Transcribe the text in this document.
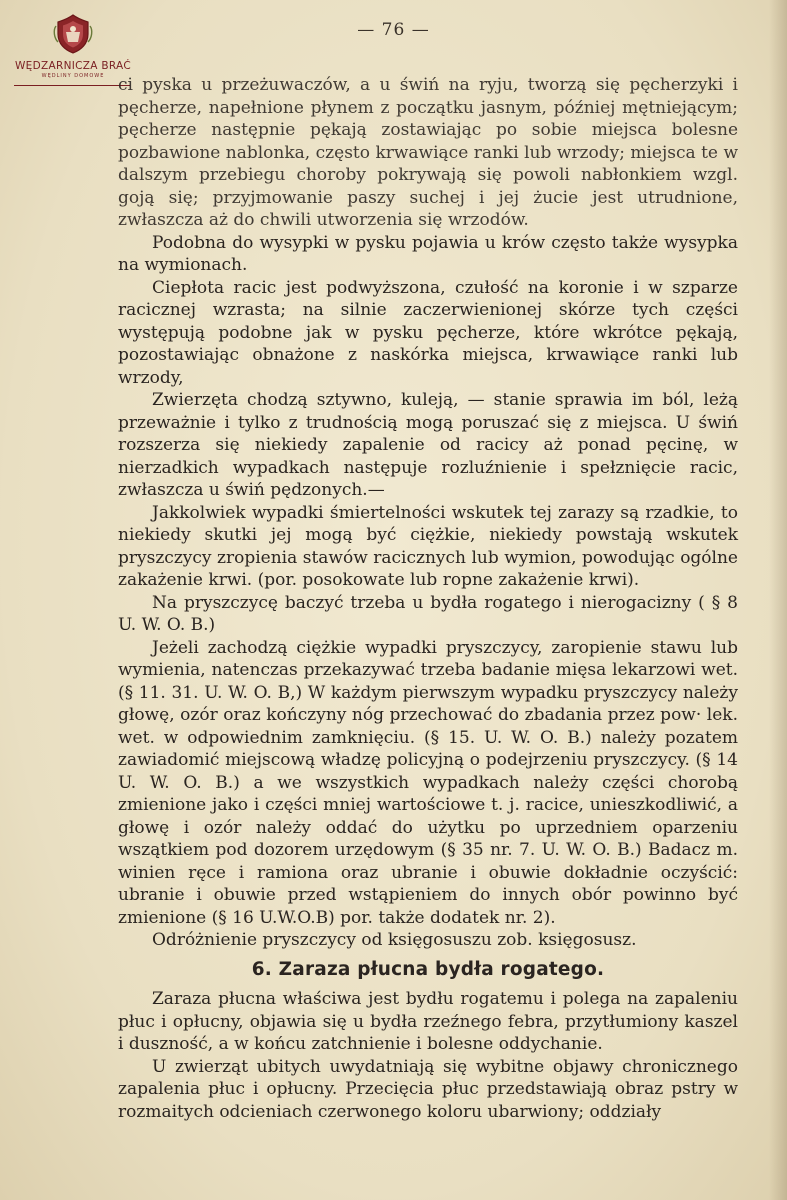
WĘDZARNICZA BRAĆ
WĘDLINY DOMOWE
— 76 —

ci pyska u przeżuwaczów, a u świń na ryju, tworzą się pęcherzyki i pęcherze, napełnione płynem z początku jasnym, później mętniejącym; pęcherze następnie pękają zostawiając po sobie miejsca bolesne pozbawione nablonka, często krwawiące ranki lub wrzody; miejsca te w dalszym przebiegu choroby pokrywają się powoli nabłonkiem wzgl. goją się; przyjmowanie paszy suchej i jej żucie jest utrudnione, zwłaszcza aż do chwili utworzenia się wrzodów.

Podobna do wysypki w pysku pojawia u krów często także wysypka na wymionach.

Ciepłota racic jest podwyższona, czułość na koronie i w szparze racicznej wzrasta; na silnie zaczerwienionej skórze tych części występują podobne jak w pysku pęcherze, które wkrótce pękają, pozostawiając obnażone z naskórka miejsca, krwawiące ranki lub wrzody,

Zwierzęta chodzą sztywno, kuleją, — stanie sprawia im ból, leżą przeważnie i tylko z trudnością mogą poruszać się z miejsca. U świń rozszerza się niekiedy zapalenie od racicy aż ponad pęcinę, w nierzadkich wypadkach następuje rozluźnienie i spełznięcie racic, zwłaszcza u świń pędzonych.—

Jakkolwiek wypadki śmiertelności wskutek tej zarazy są rzadkie, to niekiedy skutki jej mogą być ciężkie, niekiedy powstają wskutek pryszczycy zropienia stawów racicznych lub wymion, powodując ogólne zakażenie krwi. (por. posokowate lub ropne zakażenie krwi).

Na pryszczycę baczyć trzeba u bydła rogatego i nierogacizny ( § 8 U. W. O. B.)

Jeżeli zachodzą ciężkie wypadki pryszczycy, zaropienie stawu lub wymienia, natenczas przekazywać trzeba badanie mięsa lekarzowi wet. (§ 11. 31. U. W. O. B,) W każdym pierwszym wypadku pryszczycy należy głowę, ozór oraz kończyny nóg przechować do zbadania przez pow· lek. wet. w odpowiednim zamknięciu. (§ 15. U. W. O. B.) należy pozatem zawiadomić miejscową władzę policyjną o podejrzeniu pryszczycy. (§ 14 U. W. O. B.) a we wszystkich wypadkach należy części chorobą zmienione jako i części mniej wartościowe t. j. racice, unieszkodliwić, a głowę i ozór należy oddać do użytku po uprzedniem oparzeniu wszątkiem pod dozorem urzędowym (§ 35 nr. 7. U. W. O. B.) Badacz m. winien ręce i ramiona oraz ubranie i obuwie dokładnie oczyścić: ubranie i obuwie przed wstąpieniem do innych obór powinno być zmienione (§ 16 U.W.O.B) por. także dodatek nr. 2).

Odróżnienie pryszczycy od księgosuszu zob. księgosusz.

6. Zaraza płucna bydła rogatego.

Zaraza płucna właściwa jest bydłu rogatemu i polega na zapaleniu płuc i opłucny, objawia się u bydła rzeźnego febra, przytłumiony kaszel i duszność, a w końcu zatchnienie i bolesne oddychanie.

U zwierząt ubitych uwydatniają się wybitne objawy chronicznego zapalenia płuc i opłucny. Przecięcia płuc przedstawiają obraz pstry w rozmaitych odcieniach czerwonego koloru ubarwiony; oddziały
